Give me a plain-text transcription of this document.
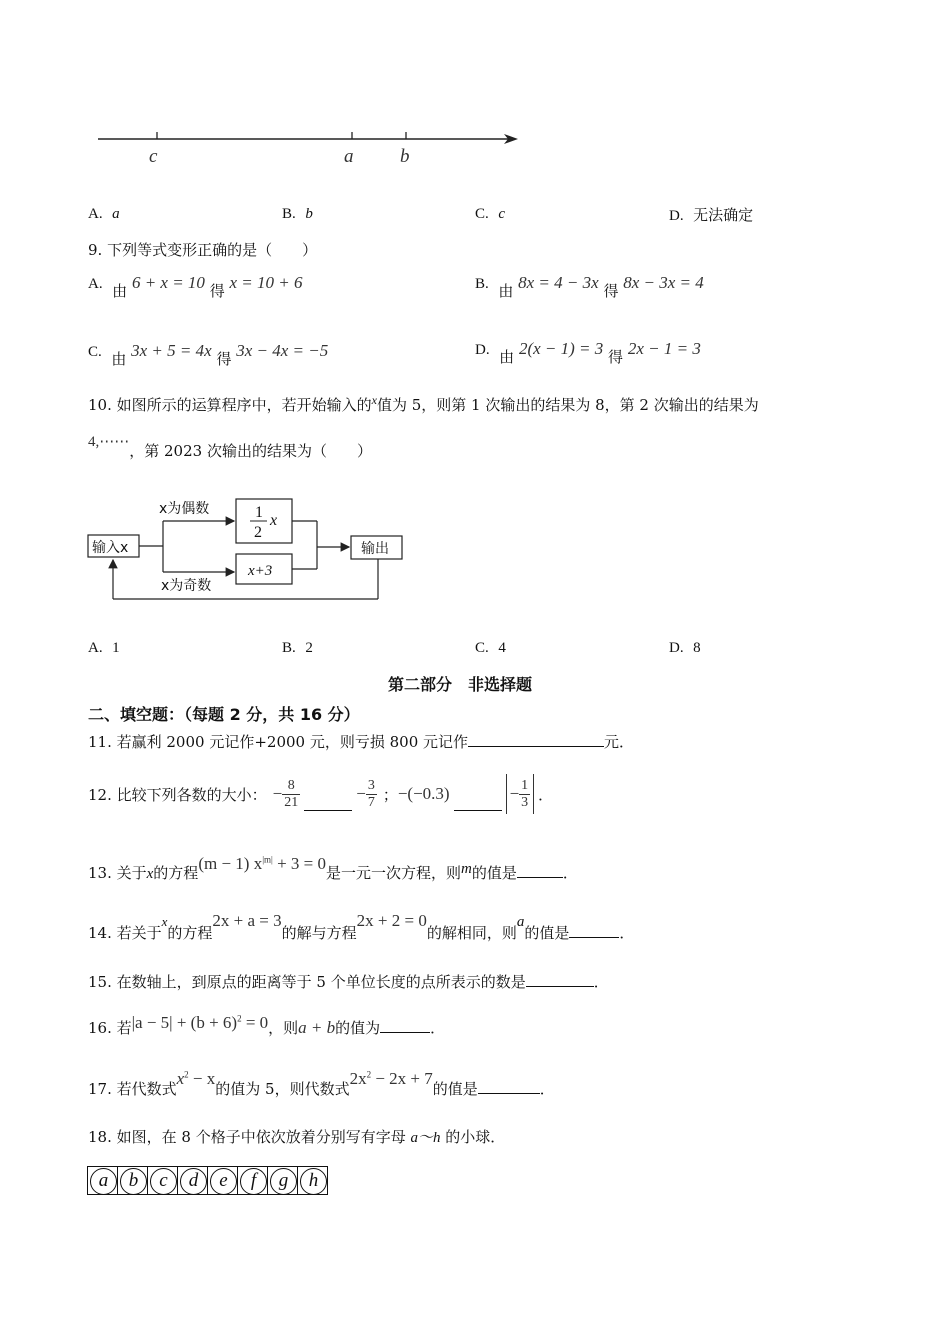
c	a b
A. a	B. b	C. c	D. 无法确定
9. 下列等式变形正确的是（　　）
A. 由 6 + x = 10 得 x = 10 + 6	B. 由 8x = 4 − 3x 得 8x − 3x = 4
C. 由 3x + 5 = 4x 得 3x − 4x = −5	D. 由 2(x − 1) = 3 得 2x − 1 = 3
10. 如图所示的运算程序中，若开始输入的$^x$值为 5，则第 1 次输出的结果为 8，第 2 次输出的结果为
4,⋯⋯，第 2023 次输出的结果为（　　）
输入x
x为偶数
x为奇数
1
2
x
x+3
输出
A. 1	B. 2	C. 4	D. 8
第二部分　非选择题
二、填空题：（每题 2 分，共 16 分）
11. 若赢利 2000 元记作+2000 元，则亏损 800 元记作	元．
12. 比较下列各数的大小： − $\frac{8}{21}$	− $\frac{3}{7}$ ； −(−0.3)	− $\frac{1}{3}$ ．
13. 关于x的方程(m − 1) $x^{|m|} + 3 = 0$是一元一次方程，则m的值是	．
14. 若关于x的方程2x + a = 3的解与方程2x + 2 = 0的解相同，则a的值是	．
15. 在数轴上，到原点的距离等于 5 个单位长度的点所表示的数是	．
16. 若$|a - 5| + (b + 6)^2 = 0$，则a + b的值为	．
17. 若代数式$x^2 - x$的值为 5，则代数式$2x^2 - 2x + 7$的值是	．
18. 如图，在 8 个格子中依次放着分别写有字母 a～h 的小球．
a	b	c	d	e	f	g	h
